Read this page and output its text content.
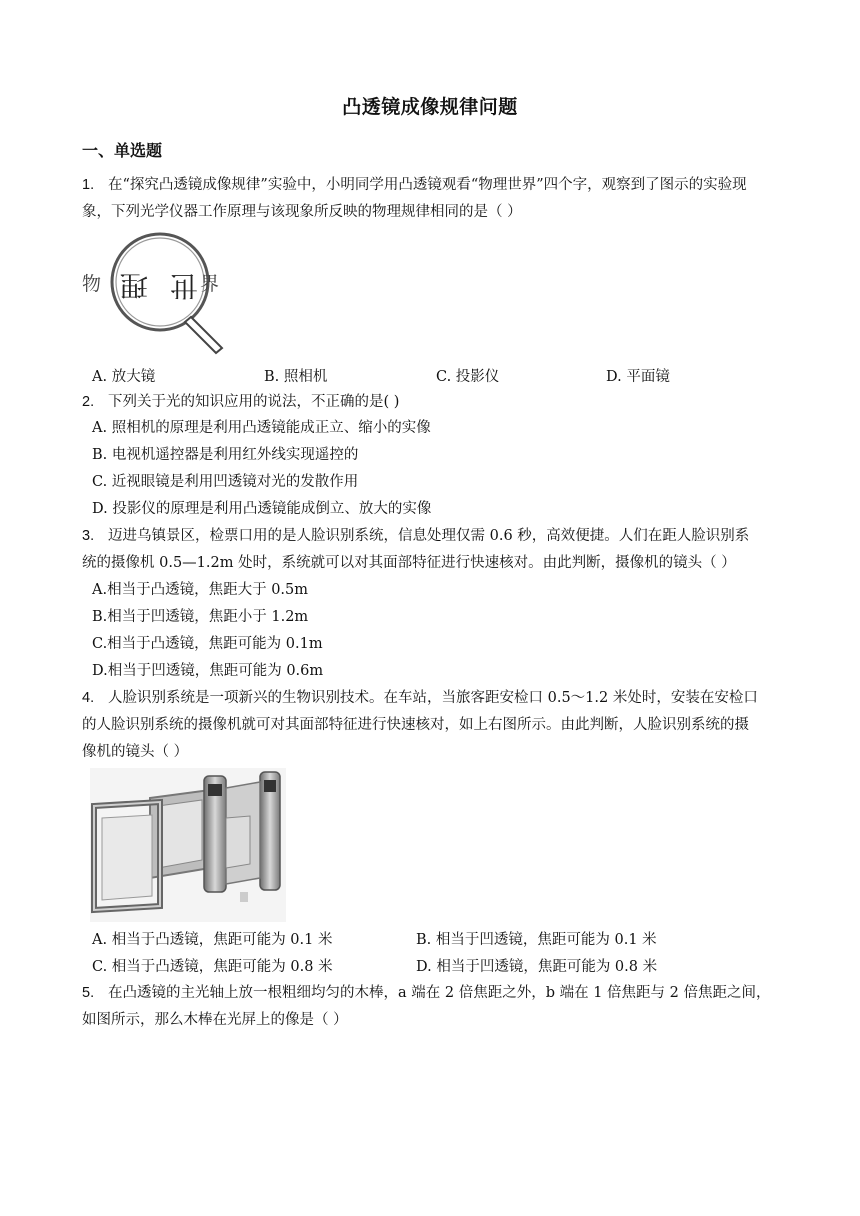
凸透镜成像规律问题
一、单选题
1. 在“探究凸透镜成像规律”实验中，小明同学用凸透镜观看“物理世界”四个字，观察到了图示的实验现
象，下列光学仪器工作原理与该现象所反映的物理规律相同的是（ ）
物 理 世 界
A. 放大镜	B. 照相机	C. 投影仪	D. 平面镜
2. 下列关于光的知识应用的说法，不正确的是( )
A. 照相机的原理是利用凸透镜能成正立、缩小的实像
B. 电视机遥控器是利用红外线实现遥控的
C. 近视眼镜是利用凹透镜对光的发散作用
D. 投影仪的原理是利用凸透镜能成倒立、放大的实像
3. 迈进乌镇景区，检票口用的是人脸识别系统，信息处理仅需 0.6 秒，高效便捷。人们在距人脸识别系
统的摄像机 0.5—1.2m 处时，系统就可以对其面部特征进行快速核对。由此判断，摄像机的镜头（ ）
A.相当于凸透镜，焦距大于 0.5m
B.相当于凹透镜，焦距小于 1.2m
C.相当于凸透镜，焦距可能为 0.1m
D.相当于凹透镜，焦距可能为 0.6m
4. 人脸识别系统是一项新兴的生物识别技术。在车站，当旅客距安检口 0.5～1.2 米处时，安装在安检口
的人脸识别系统的摄像机就可对其面部特征进行快速核对，如上右图所示。由此判断，人脸识别系统的摄
像机的镜头（ ）
A. 相当于凸透镜，焦距可能为 0.1 米	B. 相当于凹透镜，焦距可能为 0.1 米
C. 相当于凸透镜，焦距可能为 0.8 米	D. 相当于凹透镜，焦距可能为 0.8 米
5. 在凸透镜的主光轴上放一根粗细均匀的木棒，a 端在 2 倍焦距之外，b 端在 1 倍焦距与 2 倍焦距之间，
如图所示，那么木棒在光屏上的像是（ ）
